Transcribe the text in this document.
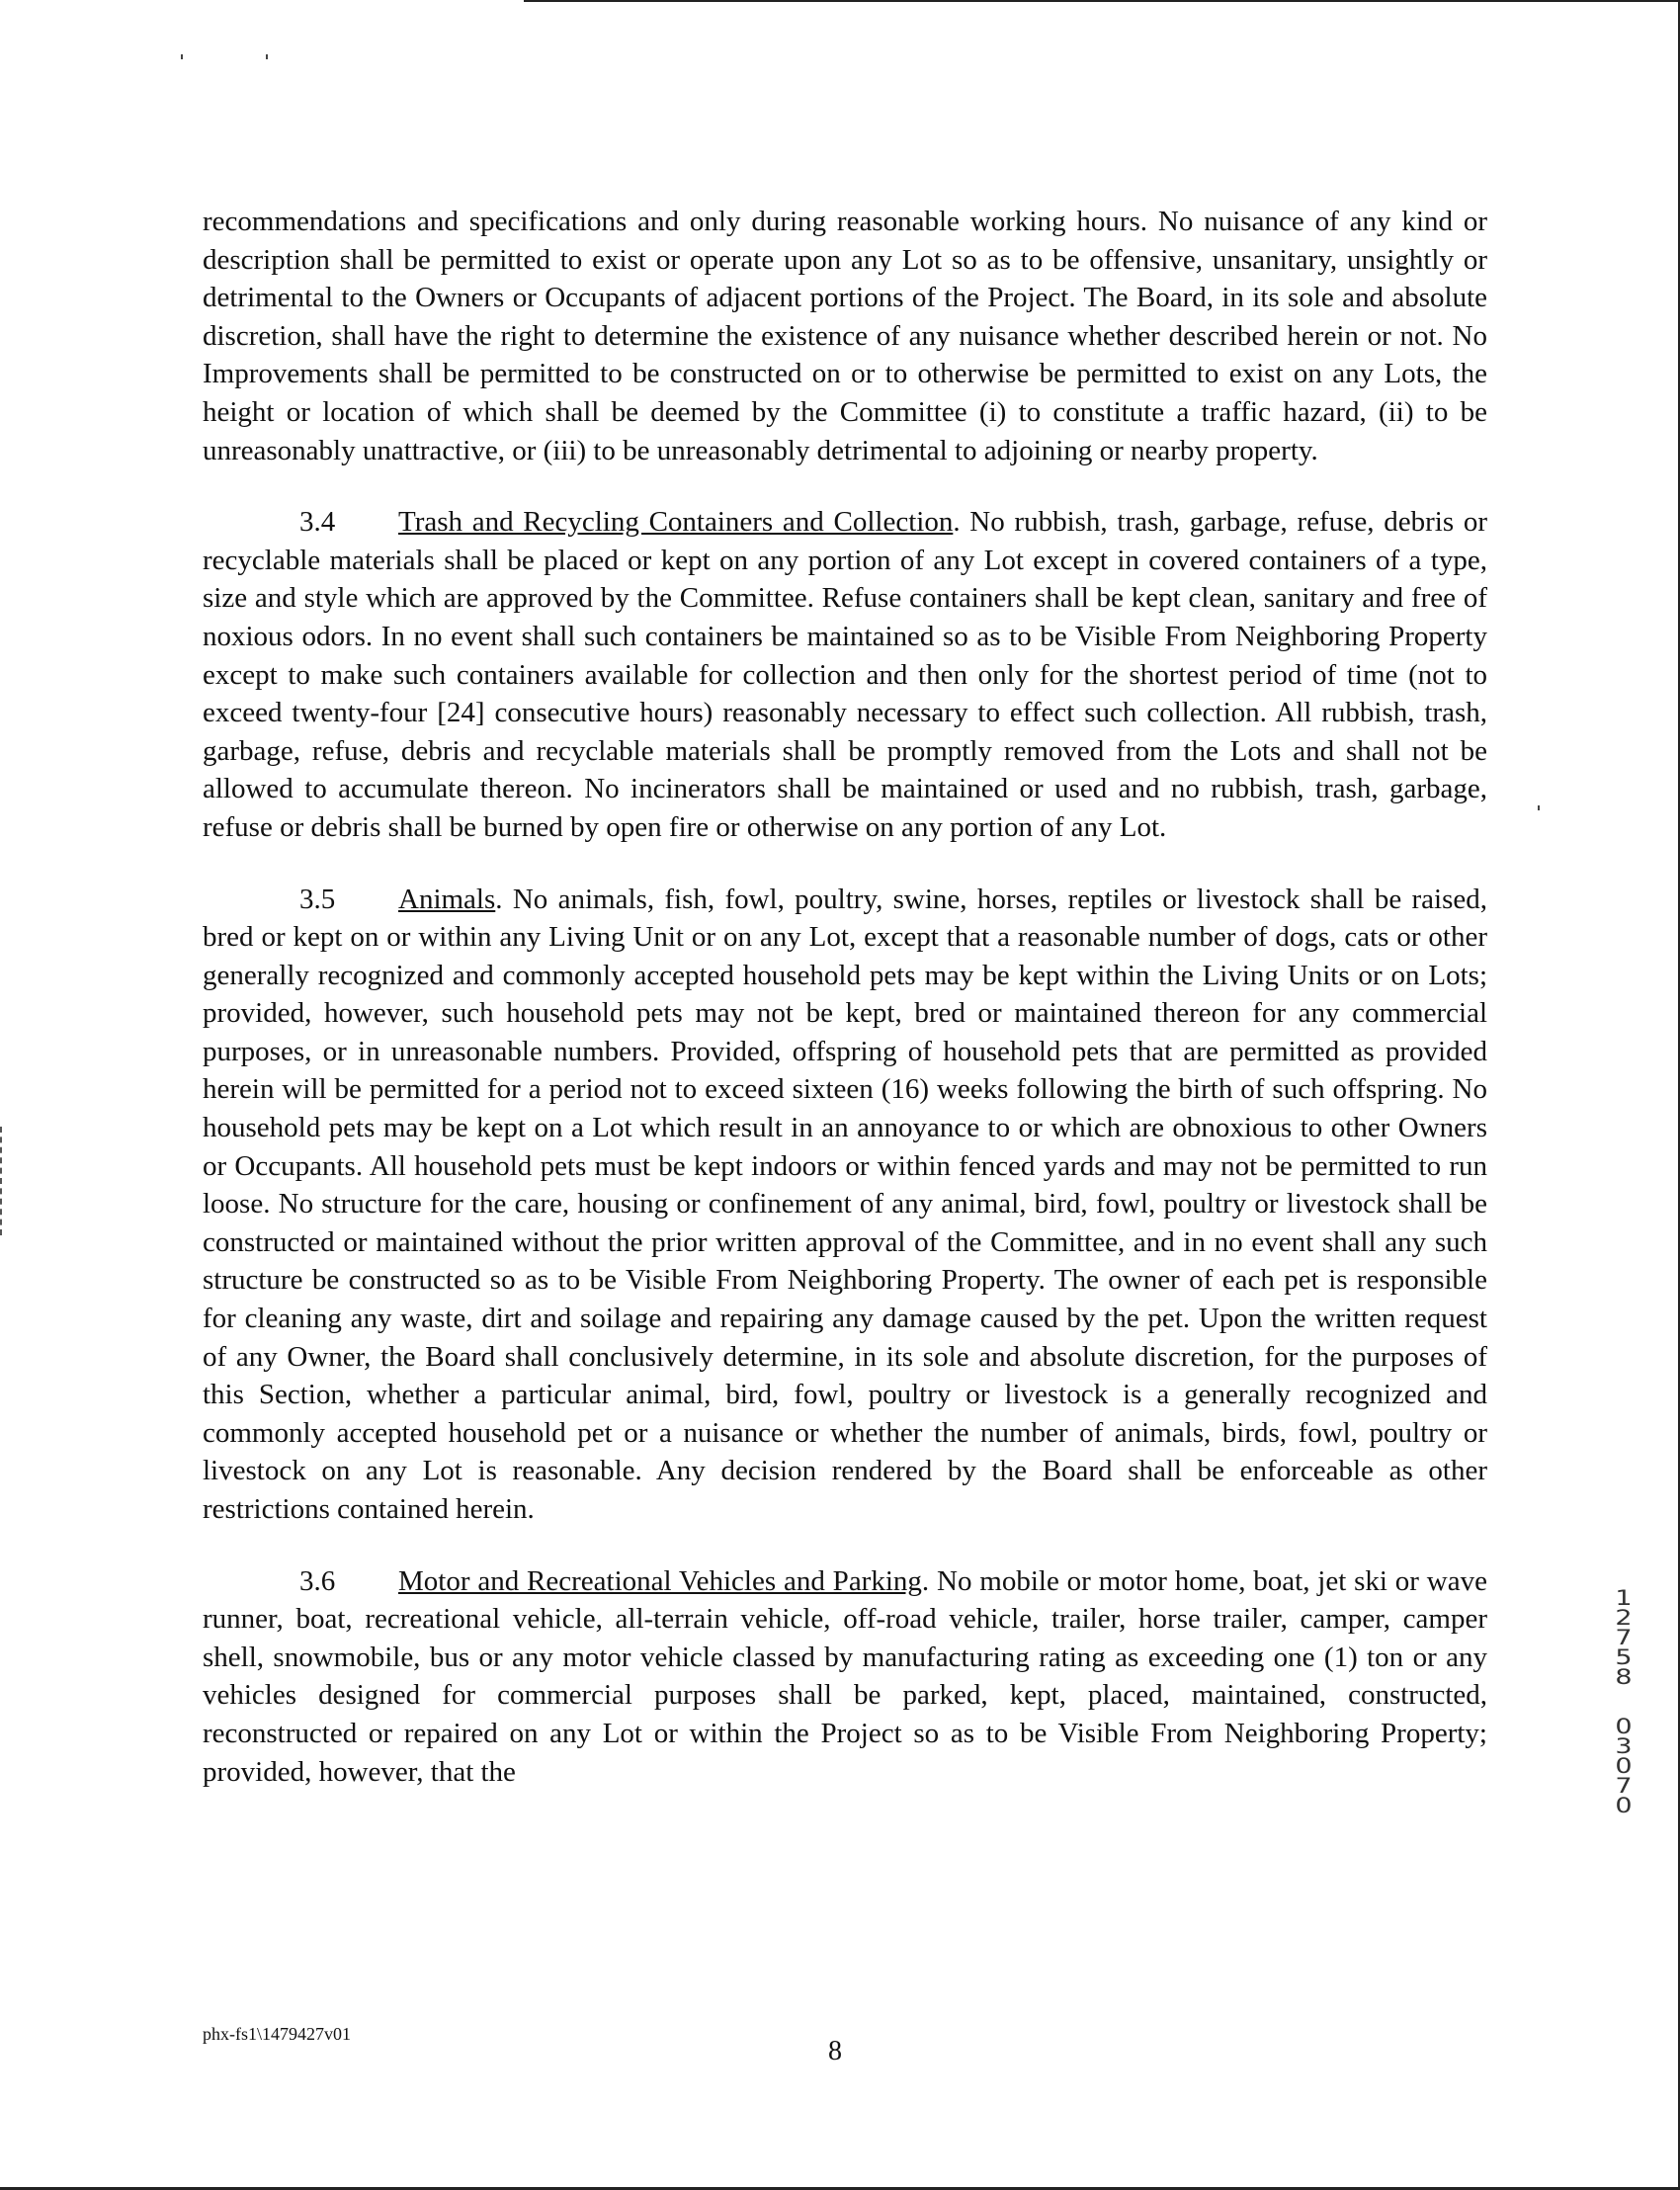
recommendations and specifications and only during reasonable working hours. No nuisance of any kind or description shall be permitted to exist or operate upon any Lot so as to be offensive, unsanitary, unsightly or detrimental to the Owners or Occupants of adjacent portions of the Project. The Board, in its sole and absolute discretion, shall have the right to determine the existence of any nuisance whether described herein or not. No Improvements shall be permitted to be constructed on or to otherwise be permitted to exist on any Lots, the height or location of which shall be deemed by the Committee (i) to constitute a traffic hazard, (ii) to be unreasonably unattractive, or (iii) to be unreasonably detrimental to adjoining or nearby property.

3.4 Trash and Recycling Containers and Collection. No rubbish, trash, garbage, refuse, debris or recyclable materials shall be placed or kept on any portion of any Lot except in covered containers of a type, size and style which are approved by the Committee. Refuse containers shall be kept clean, sanitary and free of noxious odors. In no event shall such containers be maintained so as to be Visible From Neighboring Property except to make such containers available for collection and then only for the shortest period of time (not to exceed twenty-four [24] consecutive hours) reasonably necessary to effect such collection. All rubbish, trash, garbage, refuse, debris and recyclable materials shall be promptly removed from the Lots and shall not be allowed to accumulate thereon. No incinerators shall be maintained or used and no rubbish, trash, garbage, refuse or debris shall be burned by open fire or otherwise on any portion of any Lot.

3.5 Animals. No animals, fish, fowl, poultry, swine, horses, reptiles or livestock shall be raised, bred or kept on or within any Living Unit or on any Lot, except that a reasonable number of dogs, cats or other generally recognized and commonly accepted household pets may be kept within the Living Units or on Lots; provided, however, such household pets may not be kept, bred or maintained thereon for any commercial purposes, or in unreasonable numbers. Provided, offspring of household pets that are permitted as provided herein will be permitted for a period not to exceed sixteen (16) weeks following the birth of such offspring. No household pets may be kept on a Lot which result in an annoyance to or which are obnoxious to other Owners or Occupants. All household pets must be kept indoors or within fenced yards and may not be permitted to run loose. No structure for the care, housing or confinement of any animal, bird, fowl, poultry or livestock shall be constructed or maintained without the prior written approval of the Committee, and in no event shall any such structure be constructed so as to be Visible From Neighboring Property. The owner of each pet is responsible for cleaning any waste, dirt and soilage and repairing any damage caused by the pet. Upon the written request of any Owner, the Board shall conclusively determine, in its sole and absolute discretion, for the purposes of this Section, whether a particular animal, bird, fowl, poultry or livestock is a generally recognized and commonly accepted household pet or a nuisance or whether the number of animals, birds, fowl, poultry or livestock on any Lot is reasonable. Any decision rendered by the Board shall be enforceable as other restrictions contained herein.

3.6 Motor and Recreational Vehicles and Parking. No mobile or motor home, boat, jet ski or wave runner, boat, recreational vehicle, all-terrain vehicle, off-road vehicle, trailer, horse trailer, camper, camper shell, snowmobile, bus or any motor vehicle classed by manufacturing rating as exceeding one (1) ton or any vehicles designed for commercial purposes shall be parked, kept, placed, maintained, constructed, reconstructed or repaired on any Lot or within the Project so as to be Visible From Neighboring Property; provided, however, that the

phx-fs1\1479427v01
8
1
2
7
5
8
0
3
0
7
0
